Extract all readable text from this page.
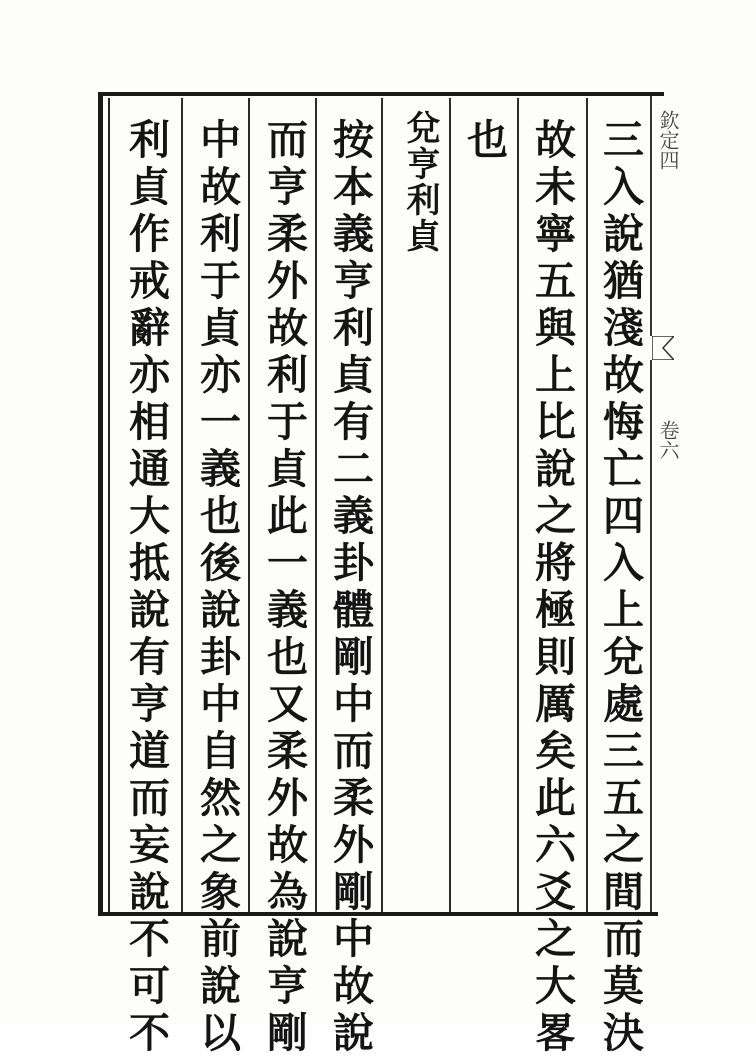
三入說猶淺故悔亡四入上兌處三五之間而莫決
故未寧五與上比說之將極則厲矣此六爻之大畧
也
兌亨利貞
按本義亨利貞有二義卦體剛中而柔外剛中故說
而亨柔外故利于貞此一義也又柔外故為說亨剛
中故利于貞亦一義也後說卦中自然之象前說以
利貞作戒辭亦相通大抵說有亨道而妄說不可不	欽定四
卷六
